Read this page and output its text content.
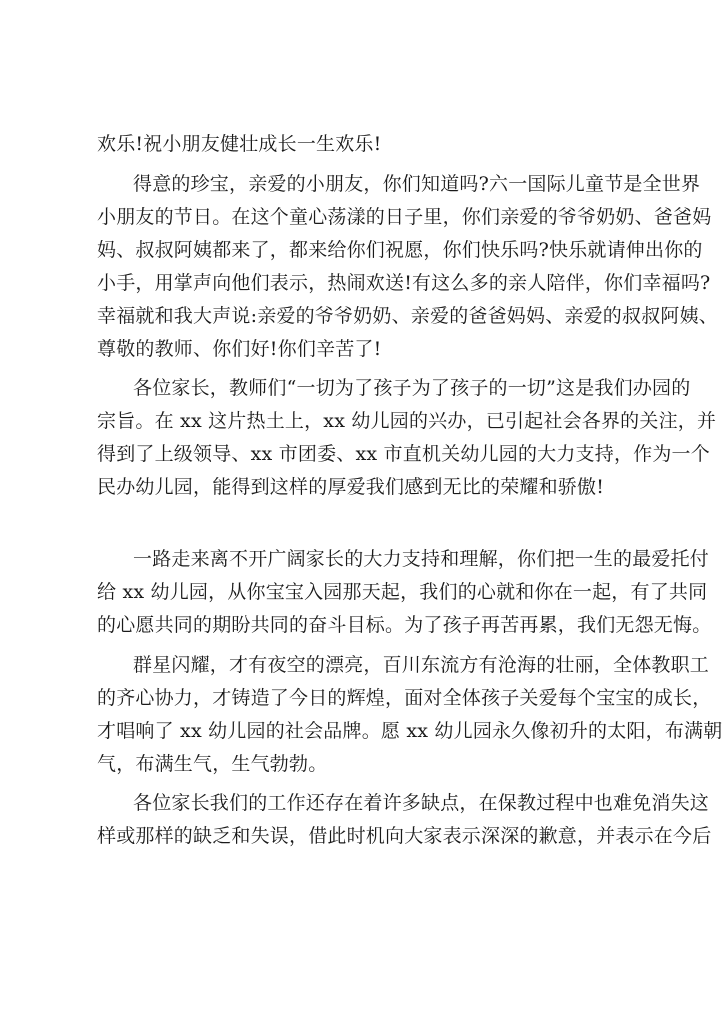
欢乐!祝小朋友健壮成长一生欢乐!
得意的珍宝，亲爱的小朋友，你们知道吗?六一国际儿童节是全世界
小朋友的节日。在这个童心荡漾的日子里，你们亲爱的爷爷奶奶、爸爸妈
妈、叔叔阿姨都来了，都来给你们祝愿，你们快乐吗?快乐就请伸出你的
小手，用掌声向他们表示，热闹欢送!有这么多的亲人陪伴，你们幸福吗?
幸福就和我大声说:亲爱的爷爷奶奶、亲爱的爸爸妈妈、亲爱的叔叔阿姨、
尊敬的教师、你们好!你们辛苦了!
各位家长，教师们“一切为了孩子为了孩子的一切”这是我们办园的
宗旨。在 xx 这片热土上，xx 幼儿园的兴办，已引起社会各界的关注，并
得到了上级领导、xx 市团委、xx 市直机关幼儿园的大力支持，作为一个
民办幼儿园，能得到这样的厚爱我们感到无比的荣耀和骄傲!
一路走来离不开广阔家长的大力支持和理解，你们把一生的最爱托付
给 xx 幼儿园，从你宝宝入园那天起，我们的心就和你在一起，有了共同
的心愿共同的期盼共同的奋斗目标。为了孩子再苦再累，我们无怨无悔。
群星闪耀，才有夜空的漂亮，百川东流方有沧海的壮丽，全体教职工
的齐心协力，才铸造了今日的辉煌，面对全体孩子关爱每个宝宝的成长，
才唱响了 xx 幼儿园的社会品牌。愿 xx 幼儿园永久像初升的太阳，布满朝
气，布满生气，生气勃勃。
各位家长我们的工作还存在着许多缺点，在保教过程中也难免消失这
样或那样的缺乏和失误，借此时机向大家表示深深的歉意，并表示在今后
